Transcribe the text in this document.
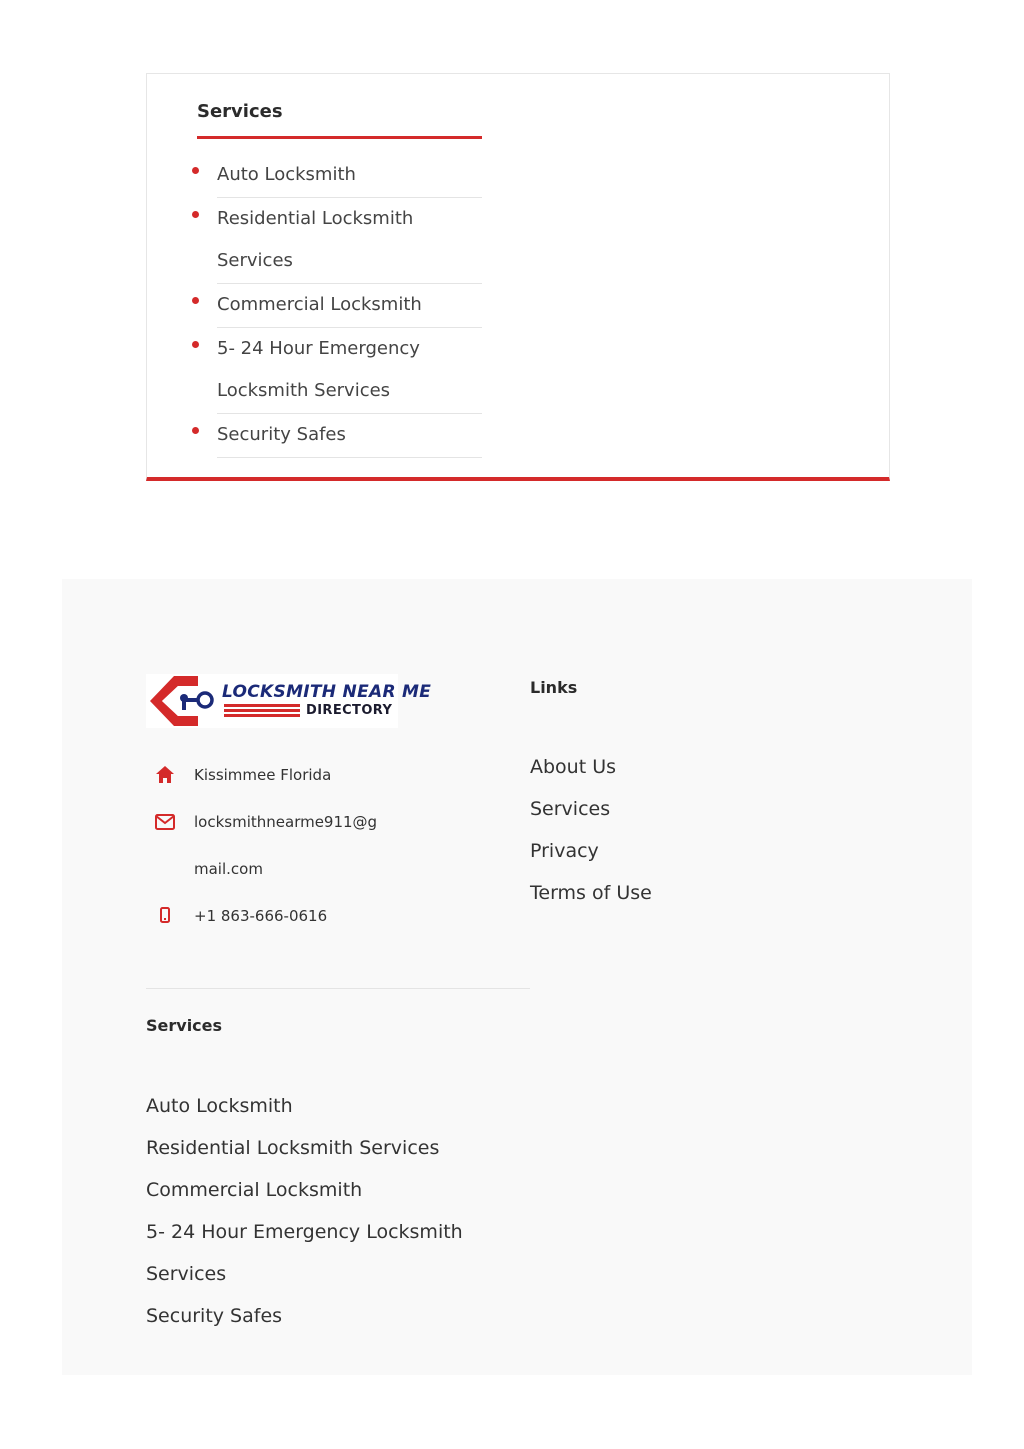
Services
Auto Locksmith
Residential Locksmith Services
Commercial Locksmith
5- 24 Hour Emergency Locksmith Services
Security Safes
LOCKSMITH NEAR ME
DIRECTORY
Kissimmee Florida
locksmithnearme911@g
mail.com
+1 863-666-0616
Links
About Us
Services
Privacy
Terms of Use
Services
Auto Locksmith
Residential Locksmith Services
Commercial Locksmith
5- 24 Hour Emergency Locksmith Services
Security Safes
